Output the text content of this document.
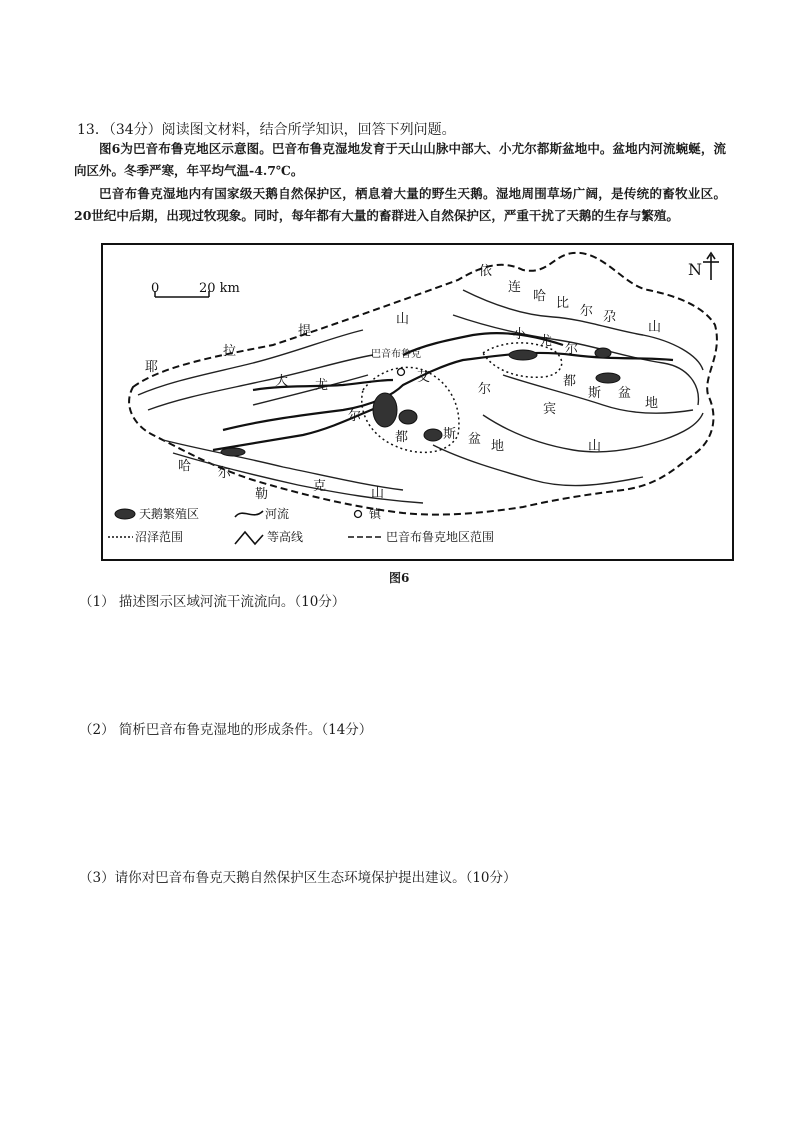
13．（34分）阅读图文材料，结合所学知识，回答下列问题。
图6为巴音布鲁克地区示意图。巴音布鲁克湿地发育于天山山脉中部大、小尤尔都斯盆地中。盆地内河流蜿蜒，流向区外。冬季严寒，年平均气温-4.7℃。
巴音布鲁克湿地内有国家级天鹅自然保护区，栖息着大量的野生天鹅。湿地周围草场广阔，是传统的畜牧业区。20世纪中后期，出现过牧现象。同时，每年都有大量的畜群进入自然保护区，严重干扰了天鹅的生存与繁殖。
巴音布鲁克
N
0	20 km
依
连
哈 比
尔 尕
山
山
提
拉
耶
小 尤
尔
大 尤
尔
尔
都
斯 盆
地
艾
宾
都	斯 盆 地	山
哈 尔
勒
克	山
天鹅繁殖区	河流	镇
沼泽范围	等高线	巴音布鲁克地区范围
图6
（1） 描述图示区域河流干流流向。（10分）
（2） 简析巴音布鲁克湿地的形成条件。（14分）
（3）请你对巴音布鲁克天鹅自然保护区生态环境保护提出建议。（10分）
